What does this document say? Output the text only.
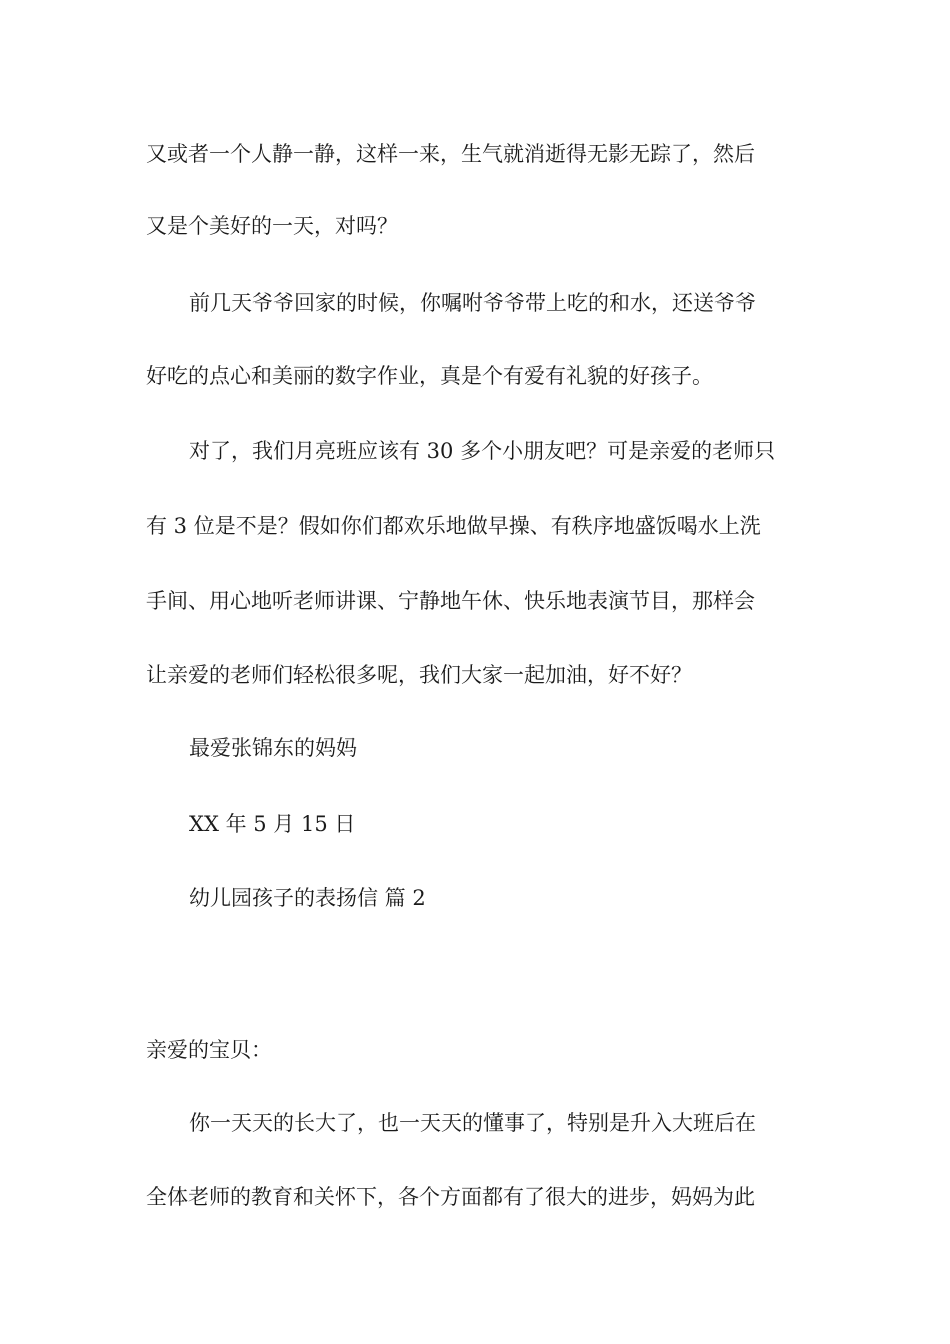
又或者一个人静一静，这样一来，生气就消逝得无影无踪了，然后
又是个美好的一天，对吗？
前几天爷爷回家的时候，你嘱咐爷爷带上吃的和水，还送爷爷
好吃的点心和美丽的数字作业，真是个有爱有礼貌的好孩子。
对了，我们月亮班应该有 30 多个小朋友吧？可是亲爱的老师只
有 3 位是不是？假如你们都欢乐地做早操、有秩序地盛饭喝水上洗
手间、用心地听老师讲课、宁静地午休、快乐地表演节目，那样会
让亲爱的老师们轻松很多呢，我们大家一起加油，好不好？
最爱张锦东的妈妈
XX 年 5 月 15 日
幼儿园孩子的表扬信 篇 2
亲爱的宝贝：
你一天天的长大了，也一天天的懂事了，特别是升入大班后在
全体老师的教育和关怀下，各个方面都有了很大的进步，妈妈为此
